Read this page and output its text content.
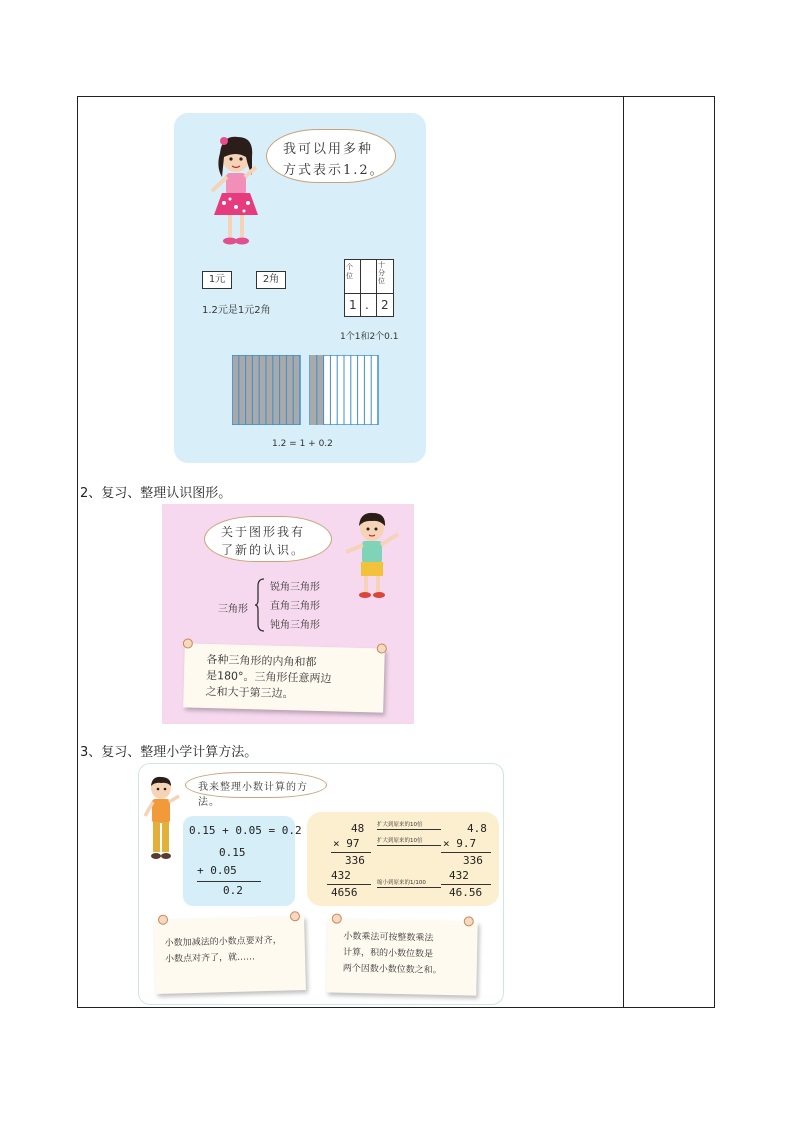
我可以用多种
方式表示1.2。
1元	2角
1.2元是1元2角
个位
十分位
1 . 2
1个1和2个0.1
1.2 = 1 + 0.2
2、复习、整理认识图形。
关于图形我有
了新的认识。
三角形
锐角三角形
直角三角形
钝角三角形
各种三角形的内角和都
是180°。三角形任意两边
之和大于第三边。
3、复习、整理小学计算方法。
我来整理小数计算的方法。
0.15 + 0.05 = 0.2
0.15
+ 0.05
0.2
48
× 97
336
432
4656
扩大到原来的10倍
扩大到原来的10倍
缩小到原来的1/100
4.8
× 9.7
336
432
46.56
小数加减法的小数点要对齐，
小数点对齐了，就……
小数乘法可按整数乘法
计算，积的小数位数是
两个因数小数位数之和。
